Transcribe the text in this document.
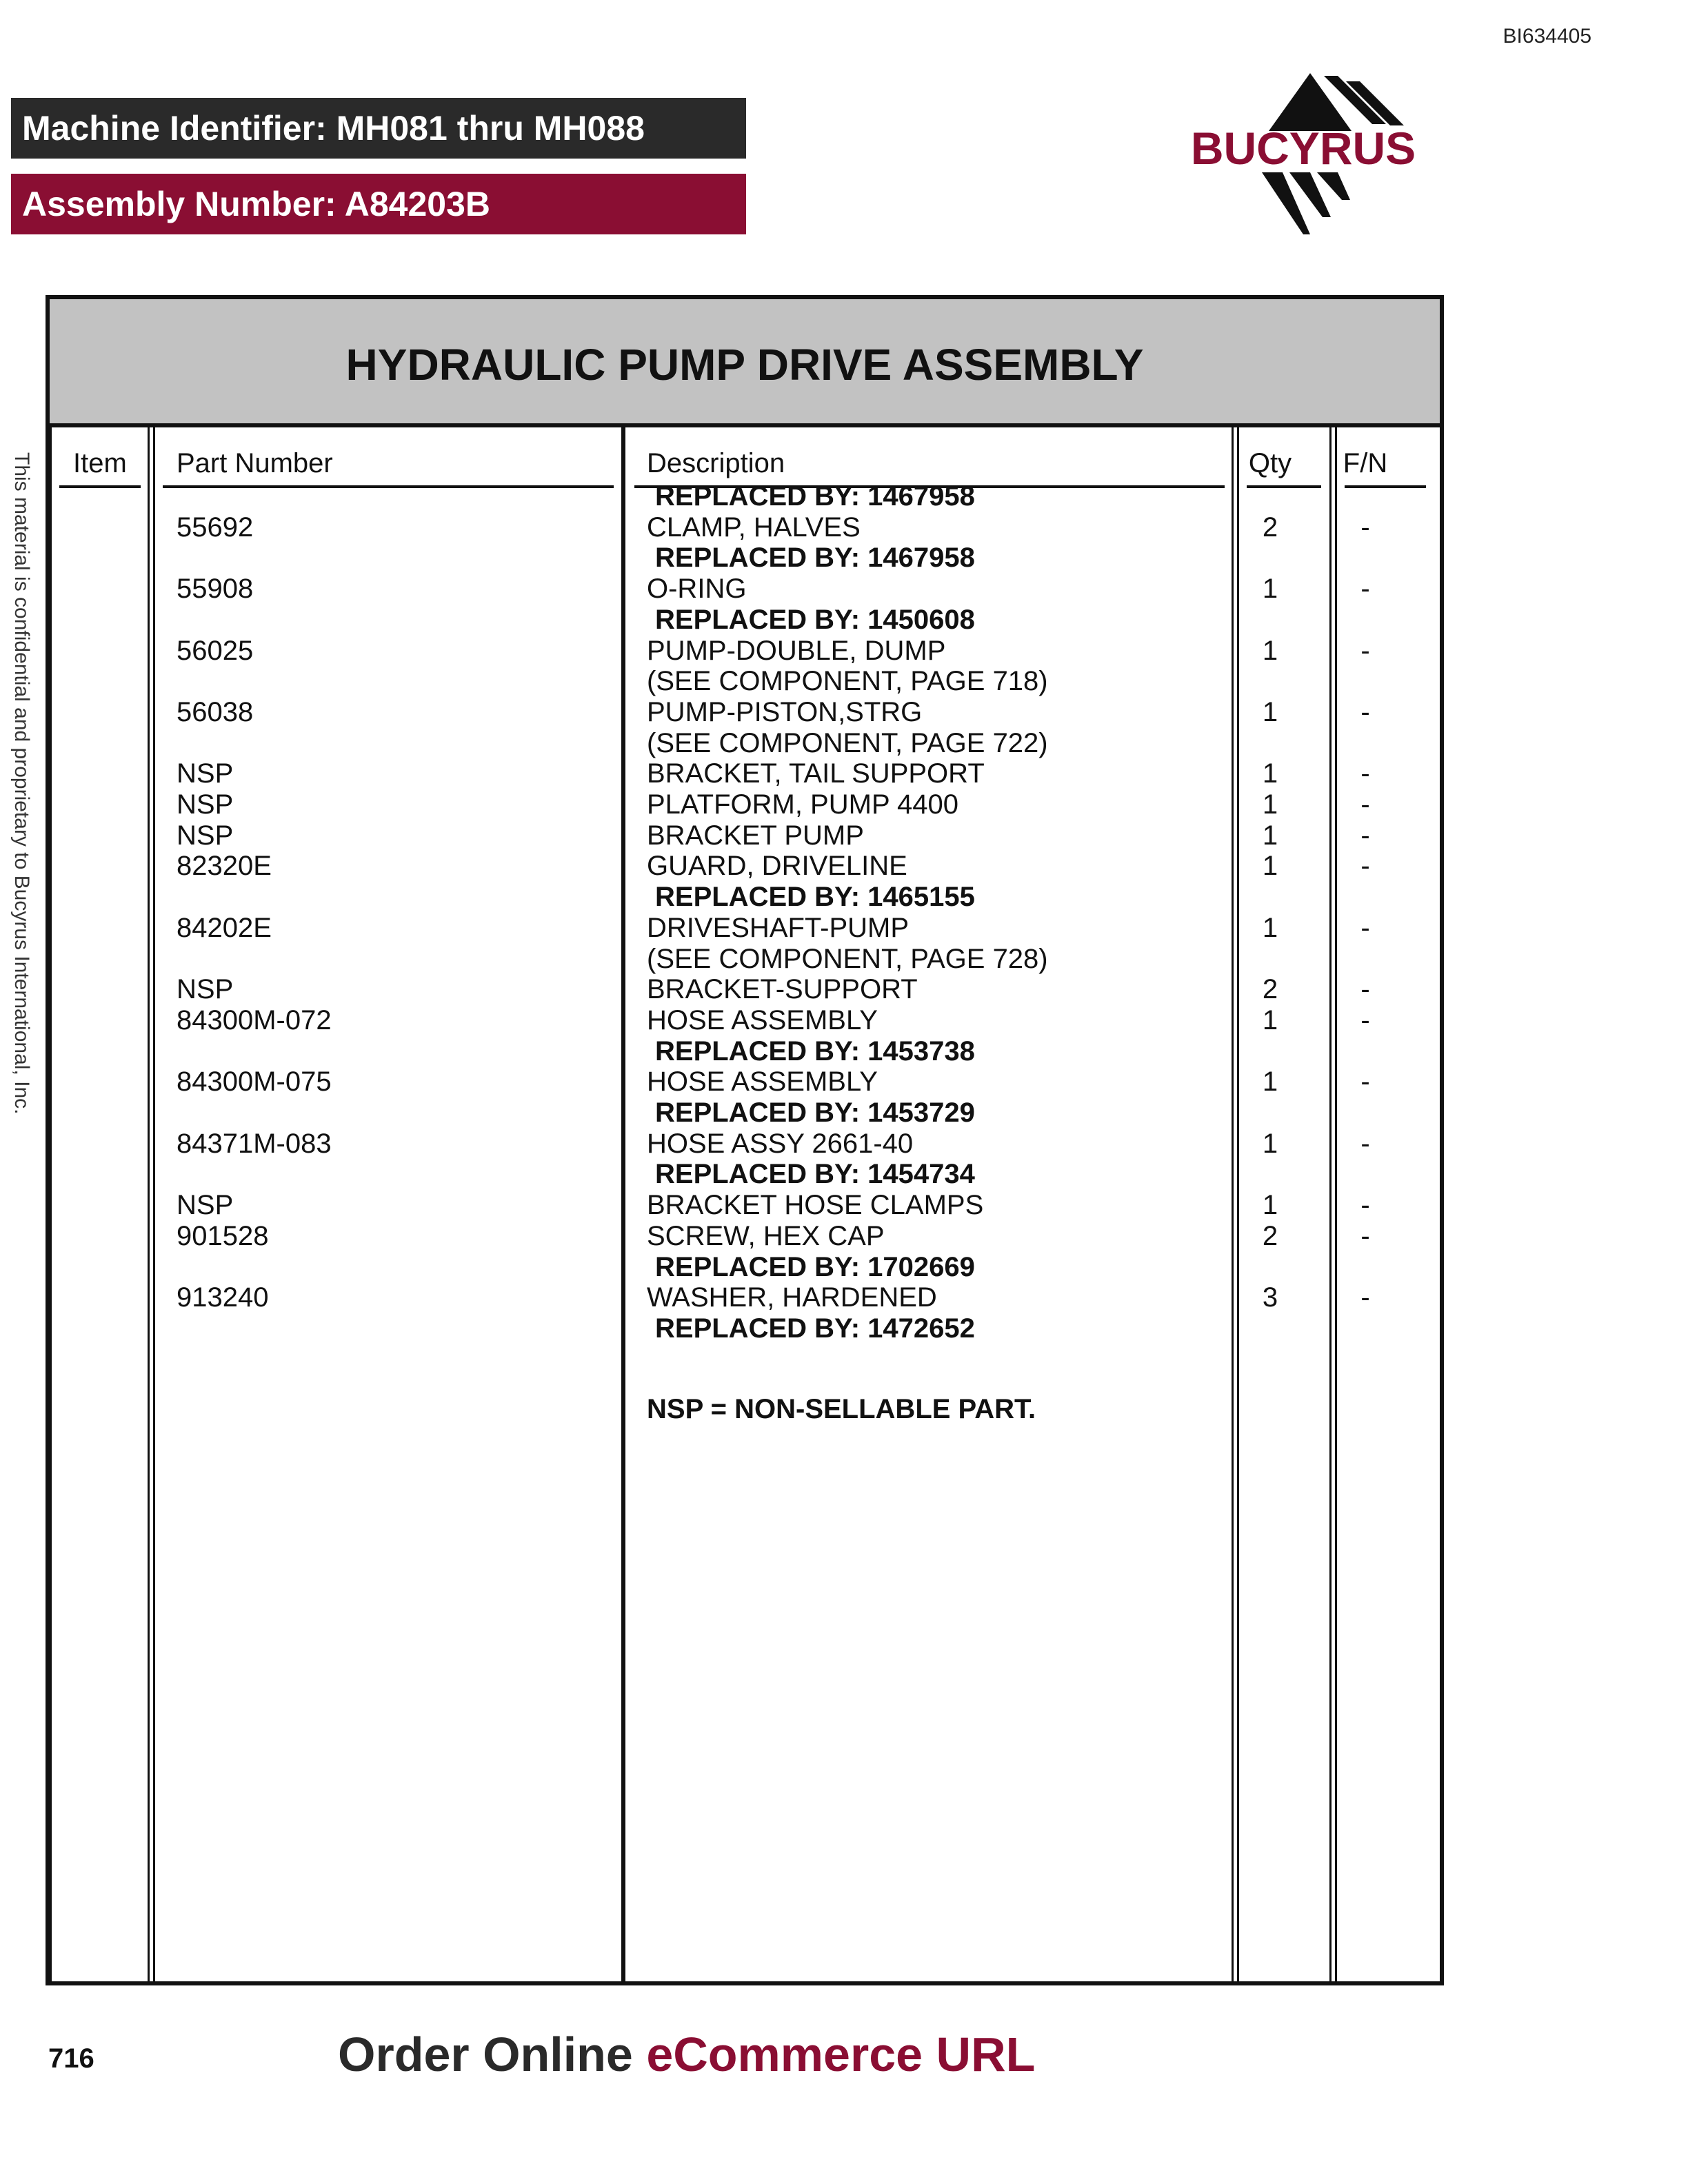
BI634405
Machine Identifier: MH081 thru MH088
Assembly Number: A84203B
BUCYRUS
This material is confidential and proprietary to Bucyrus International, Inc.
HYDRAULIC PUMP DRIVE ASSEMBLY
Item Part Number	Description	Qty F/N
REPLACED BY: 1467958
55692	CLAMP, HALVES	2	-
REPLACED BY: 1467958
55908	O-RING	1	-
REPLACED BY: 1450608
56025	PUMP-DOUBLE, DUMP	1	-
(SEE COMPONENT, PAGE 718)
56038	PUMP-PISTON,STRG	1	-
(SEE COMPONENT, PAGE 722)
NSP	BRACKET, TAIL SUPPORT	1	-
NSP	PLATFORM, PUMP 4400	1	-
NSP	BRACKET PUMP	1	-
82320E	GUARD, DRIVELINE	1	-
REPLACED BY: 1465155
84202E	DRIVESHAFT-PUMP	1	-
(SEE COMPONENT, PAGE 728)
NSP	BRACKET-SUPPORT	2	-
84300M-072	HOSE ASSEMBLY	1	-
REPLACED BY: 1453738
84300M-075	HOSE ASSEMBLY	1	-
REPLACED BY: 1453729
84371M-083	HOSE ASSY 2661-40	1	-
REPLACED BY: 1454734
NSP	BRACKET HOSE CLAMPS	1	-
901528	SCREW, HEX CAP	2	-
REPLACED BY: 1702669
913240	WASHER, HARDENED	3	-
REPLACED BY: 1472652
NSP = NON-SELLABLE PART.
716	Order Online eCommerce URL
